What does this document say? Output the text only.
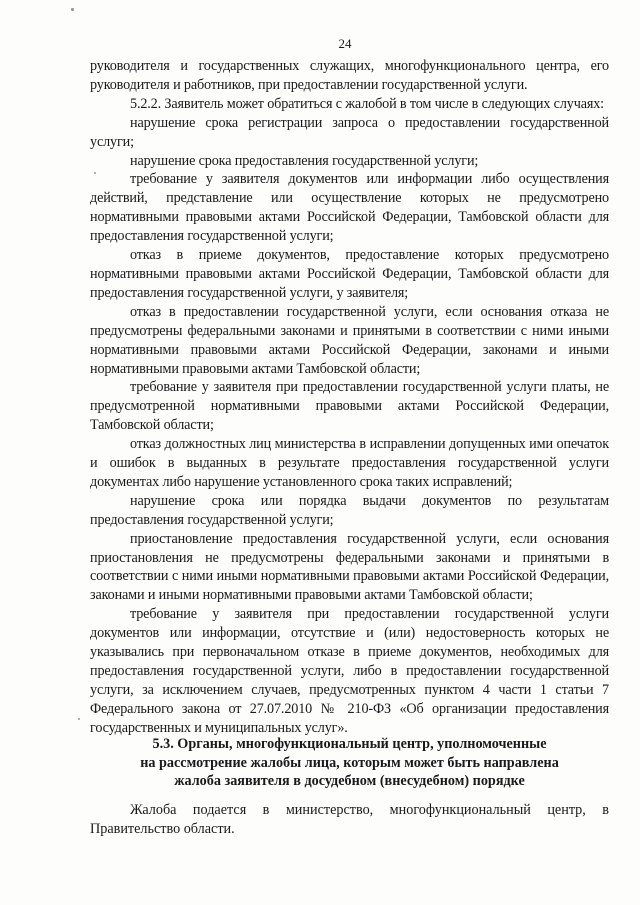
24

руководителя и государственных служащих, многофункционального центра, его руководителя и работников, при предоставлении государственной услуги.

5.2.2. Заявитель может обратиться с жалобой в том числе в следующих случаях:

нарушение срока регистрации запроса о предоставлении государственной услуги;

нарушение срока предоставления государственной услуги;

требование у заявителя документов или информации либо осуществления действий, представление или осуществление которых не предусмотрено нормативными правовыми актами Российской Федерации, Тамбовской области для предоставления государственной услуги;

отказ в приеме документов, предоставление которых предусмотрено нормативными правовыми актами Российской Федерации, Тамбовской области для предоставления государственной услуги, у заявителя;

отказ в предоставлении государственной услуги, если основания отказа не предусмотрены федеральными законами и принятыми в соответствии с ними иными нормативными правовыми актами Российской Федерации, законами и иными нормативными правовыми актами Тамбовской области;

требование у заявителя при предоставлении государственной услуги платы, не предусмотренной нормативными правовыми актами Российской Федерации, Тамбовской области;

отказ должностных лиц министерства в исправлении допущенных ими опечаток и ошибок в выданных в результате предоставления государственной услуги документах либо нарушение установленного срока таких исправлений;

нарушение срока или порядка выдачи документов по результатам предоставления государственной услуги;

приостановление предоставления государственной услуги, если основания приостановления не предусмотрены федеральными законами и принятыми в соответствии с ними иными нормативными правовыми актами Российской Федерации, законами и иными нормативными правовыми актами Тамбовской области;

требование у заявителя при предоставлении государственной услуги документов или информации, отсутствие и (или) недостоверность которых не указывались при первоначальном отказе в приеме документов, необходимых для предоставления государственной услуги, либо в предоставлении государственной услуги, за исключением случаев, предусмотренных пунктом 4 части 1 статьи 7 Федерального закона от 27.07.2010 № 210-ФЗ «Об организации предоставления государственных и муниципальных услуг».

5.3. Органы, многофункциональный центр, уполномоченные
на рассмотрение жалобы лица, которым может быть направлена
жалоба заявителя в досудебном (внесудебном) порядке

Жалоба подается в министерство, многофункциональный центр, в Правительство области.
